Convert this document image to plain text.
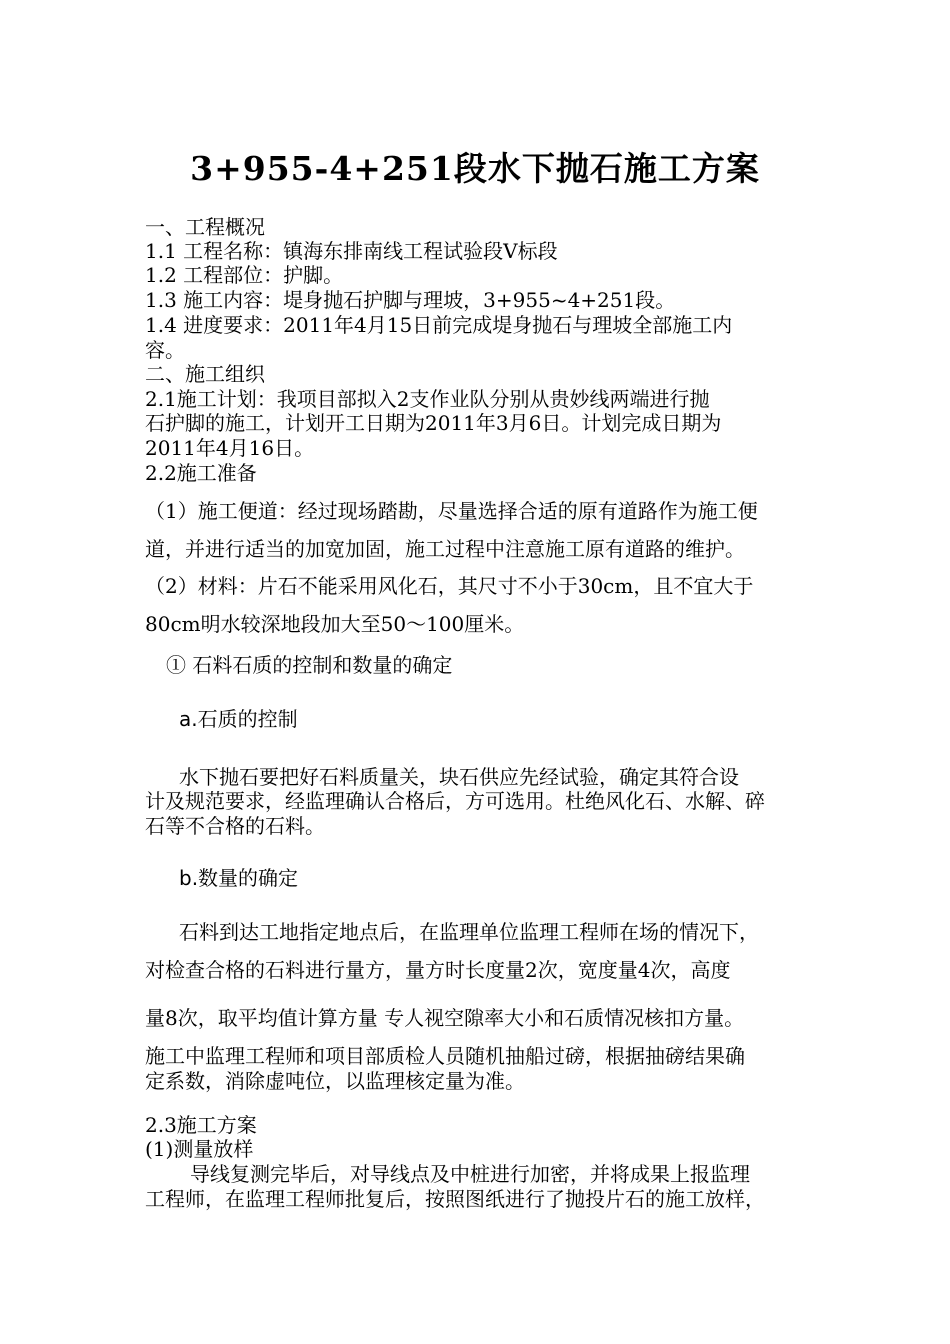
3+955-4+251段水下抛石施工方案
一、工程概况
1.1 工程名称：镇海东排南线工程试验段Ⅴ标段
1.2 工程部位：护脚。
1.3 施工内容：堤身抛石护脚与理坡，3+955~4+251段。
1.4 进度要求：2011年4月15日前完成堤身抛石与理坡全部施工内
容。
二、施工组织
2.1施工计划：我项目部拟入2支作业队分别从贵妙线两端进行抛
石护脚的施工，计划开工日期为2011年3月6日。计划完成日期为
2011年4月16日。
2.2施工准备
（1）施工便道：经过现场踏勘，尽量选择合适的原有道路作为施工便
道，并进行适当的加宽加固，施工过程中注意施工原有道路的维护。
（2）材料：片石不能采用风化石，其尺寸不小于30cm，且不宜大于
80cm明水较深地段加大至50～100厘米。
① 石料石质的控制和数量的确定
a.石质的控制
水下抛石要把好石料质量关，块石供应先经试验，确定其符合设
计及规范要求，经监理确认合格后，方可选用。杜绝风化石、水解、碎
石等不合格的石料。
b.数量的确定
石料到达工地指定地点后，在监理单位监理工程师在场的情况下，
对检查合格的石料进行量方，量方时长度量2次，宽度量4次，高度
量8次，取平均值计算方量 专人视空隙率大小和石质情况核扣方量。
施工中监理工程师和项目部质检人员随机抽船过磅，根据抽磅结果确
定系数，消除虚吨位，以监理核定量为准。
2.3施工方案
(1)测量放样
导线复测完毕后，对导线点及中桩进行加密，并将成果上报监理
工程师，在监理工程师批复后，按照图纸进行了抛投片石的施工放样，
